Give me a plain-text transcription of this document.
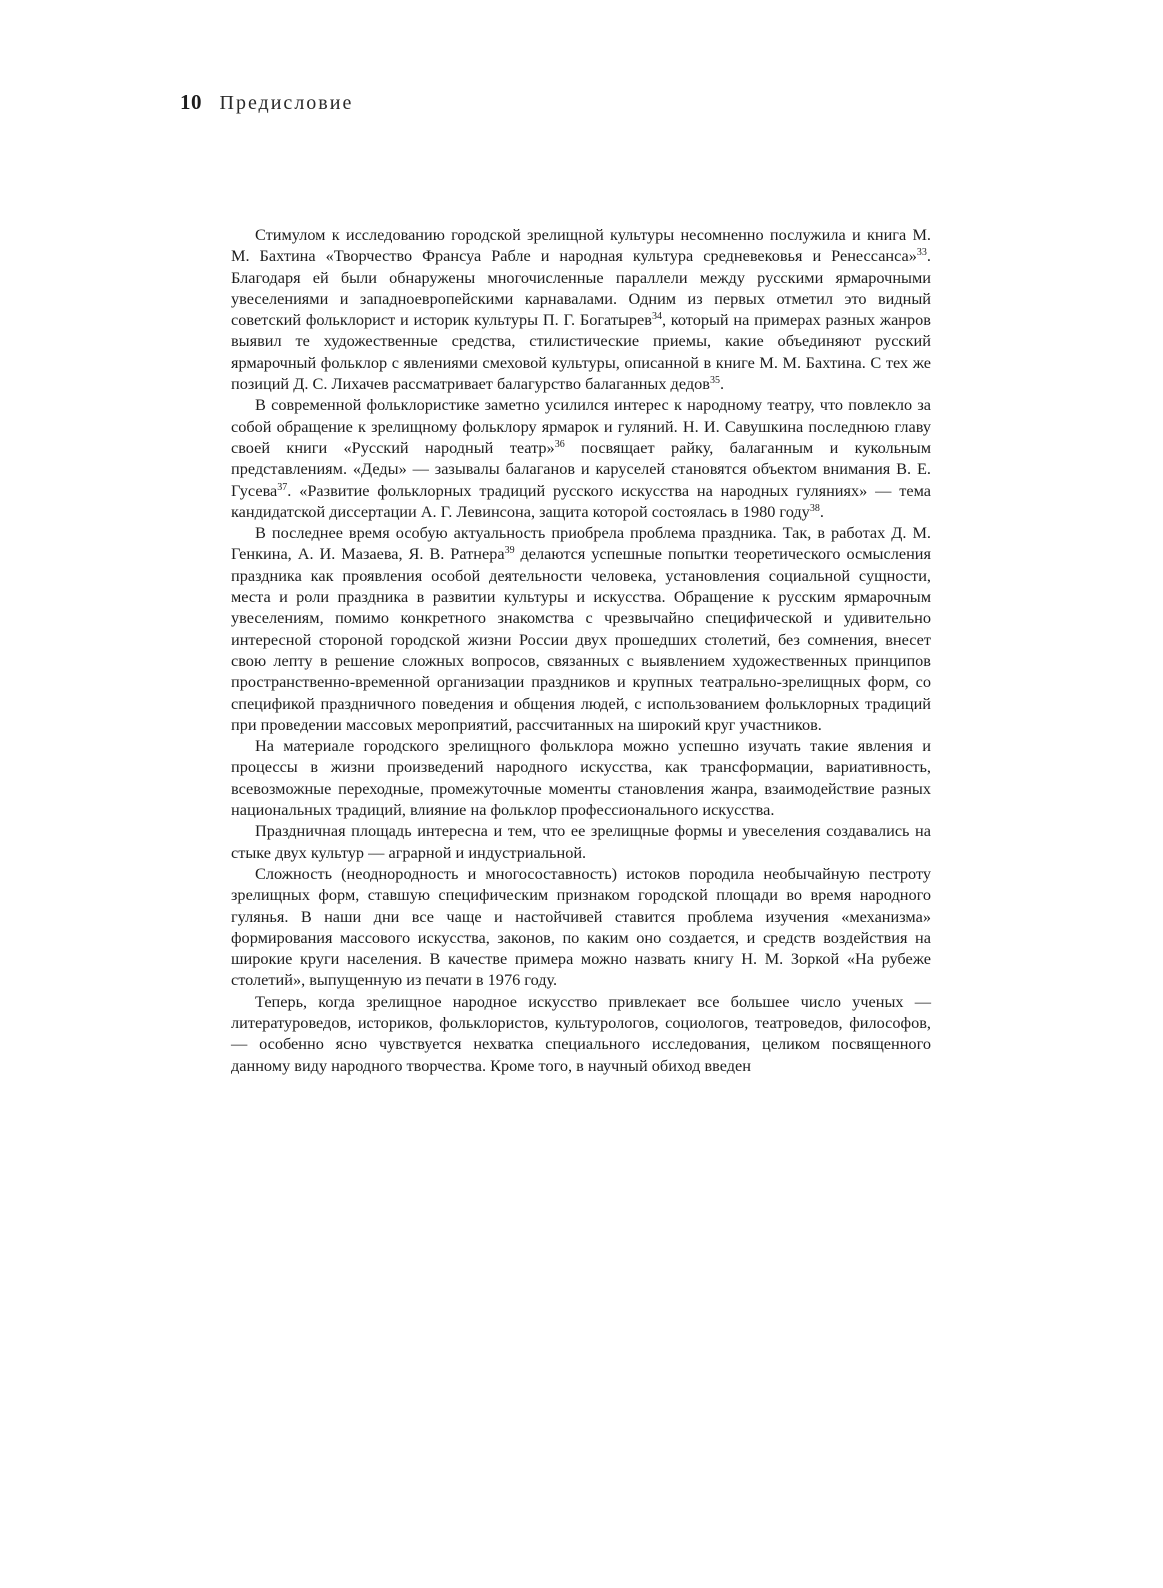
10 Предисловие

Стимулом к исследованию городской зрелищной культуры несомненно послужила и книга М. М. Бахтина «Творчество Франсуа Рабле и народная культура средневековья и Ренессанса»$^{33}$. Благодаря ей были обнаружены многочисленные параллели между русскими ярмарочными увеселениями и западноевропейскими карнавалами. Одним из первых отметил это видный советский фольклорист и историк культуры П. Г. Богатырев$^{34}$, который на примерах разных жанров выявил те художественные средства, стилистические приемы, какие объединяют русский ярмарочный фольклор с явлениями смеховой культуры, описанной в книге М. М. Бахтина. С тех же позиций Д. С. Лихачев рассматривает балагурство балаганных дедов$^{35}$.

В современной фольклористике заметно усилился интерес к народному театру, что повлекло за собой обращение к зрелищному фольклору ярмарок и гуляний. Н. И. Савушкина последнюю главу своей книги «Русский народный театр»$^{36}$ посвящает райку, балаганным и кукольным представлениям. «Деды» — зазывалы балаганов и каруселей становятся объектом внимания В. Е. Гусева$^{37}$. «Развитие фольклорных традиций русского искусства на народных гуляниях» — тема кандидатской диссертации А. Г. Левинсона, защита которой состоялась в 1980 году$^{38}$.

В последнее время особую актуальность приобрела проблема праздника. Так, в работах Д. М. Генкина, А. И. Мазаева, Я. В. Ратнера$^{39}$ делаются успешные попытки теоретического осмысления праздника как проявления особой деятельности человека, установления социальной сущности, места и роли праздника в развитии культуры и искусства. Обращение к русским ярмарочным увеселениям, помимо конкретного знакомства с чрезвычайно специфической и удивительно интересной стороной городской жизни России двух прошедших столетий, без сомнения, внесет свою лепту в решение сложных вопросов, связанных с выявлением художественных принципов пространственно-временной организации праздников и крупных театрально-зрелищных форм, со спецификой праздничного поведения и общения людей, с использованием фольклорных традиций при проведении массовых мероприятий, рассчитанных на широкий круг участников.

На материале городского зрелищного фольклора можно успешно изучать такие явления и процессы в жизни произведений народного искусства, как трансформации, вариативность, всевозможные переходные, промежуточные моменты становления жанра, взаимодействие разных национальных традиций, влияние на фольклор профессионального искусства.

Праздничная площадь интересна и тем, что ее зрелищные формы и увеселения создавались на стыке двух культур — аграрной и индустриальной.

Сложность (неоднородность и многосоставность) истоков породила необычайную пестроту зрелищных форм, ставшую специфическим признаком городской площади во время народного гулянья. В наши дни все чаще и настойчивей ставится проблема изучения «механизма» формирования массового искусства, законов, по каким оно создается, и средств воздействия на широкие круги населения. В качестве примера можно назвать книгу Н. М. Зоркой «На рубеже столетий», выпущенную из печати в 1976 году.

Теперь, когда зрелищное народное искусство привлекает все большее число ученых — литературоведов, историков, фольклористов, культурологов, социологов, театроведов, философов, — особенно ясно чувствуется нехватка специального исследования, целиком посвященного данному виду народного творчества. Кроме того, в научный обиход введен
